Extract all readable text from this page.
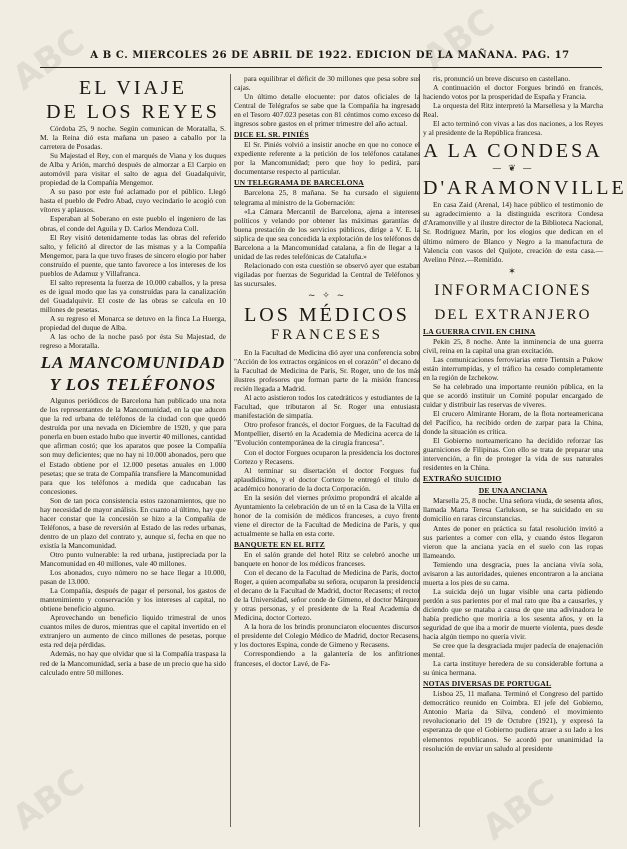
ABC	ABC
ABC	ABC
A B C. MIERCOLES 26 DE ABRIL DE 1922. EDICION DE LA MAÑANA. PAG. 17
EL VIAJE
DE LOS REYES

Córdoba 25, 9 noche. Según comunican de Moratalla, S. M. la Reina dió esta mañana un paseo a caballo por la carretera de Posadas.

Su Majestad el Rey, con el marqués de Viana y los duques de Alba y Arión, marchó después de almorzar a El Carpio en automóvil para visitar el salto de agua del Guadalquivir, propiedad de la Compañía Mengemor.

A su paso por este fué aclamado por el público. Llegó hasta el pueblo de Pedro Abad, cuyo vecindario le acogió con vítores y aplausos.

Esperaban al Soberano en este pueblo el ingeniero de las obras, el conde del Aguila y D. Carlos Mendoza Coll.

El Rey visitó detenidamente todas las obras del referido salto, y felicitó al director de las mismas y a la Compañía Mengemor, para la que tuvo frases de sincero elogio por haber construído el puente, que tanto favorece a los intereses de los pueblos de Adamuz y Villafranca.

El salto representa la fuerza de 10.000 caballos, y la presa es de igual modo que las ya construídas para la canalización del Guadalquivir. El coste de las obras se calcula en 10 millones de pesetas.

A su regreso el Monarca se detuvo en la finca La Huerga, propiedad del duque de Alba.

A las ocho de la noche pasó por ésta Su Majestad, de regreso a Moratalla.

LA MANCOMUNIDAD
Y LOS TELÉFONOS

Algunos periódicos de Barcelona han publicado una nota de los representantes de la Mancomunidad, en la que aducen que la red urbana de teléfonos de la ciudad con que quedó destruída por una nevada en Diciembre de 1920, y que para ponerla en buen estado hubo que invertir 40 millones, cantidad que afirman costó; que los aparatos que posee la Compañía son muy deficientes; que no hay ni 10.000 abonados, pero que el Estado obtiene por el 12.000 pesetas anuales en 1.000 pesetas; que se trata de Compañía transfiere la Mancomunidad para que los teléfonos a medida que caducaban las concesiones.

Son de tan poca consistencia estos razonamientos, que no hay necesidad de mayor análisis. En cuanto al último, hay que hacer constar que la concesión se hizo a la Compañía de Teléfonos, a base de reversión al Estado de las redes urbanas, dentro de un plazo del contrato y, aunque sí, fecha en que no existía la Mancomunidad.

Otro punto vulnerable: la red urbana, justipreciada por la Mancomunidad en 40 millones, vale 40 millones.

Los abonados, cuyo número no se hace llegar a 10.000, pasan de 13.000.

La Compañía, después de pagar el personal, los gastos de mantenimiento y conservación y los intereses al capital, no obtiene beneficio alguno.

Aprovechando un beneficio liquido trimestral de unos cuantos miles de duros, mientras que el capital invertido en el extranjero un aumento de cinco millones de pesetas, porque esta red deja pérdidas.

Además, no hay que olvidar que si la Compañía traspasa la red de la Mancomunidad, sería a base de un precio que ha sido calculado entre 50 millones.

para equilibrar el déficit de 30 millones que pesa sobre sus cajas.

Un último detalle elocuente: por datos oficiales de la Central de Telégrafos se sabe que la Compañía ha ingresado en el Tesoro 407.023 pesetas con 81 céntimos como exceso de ingresos sobre gastos en el primer trimestre del año actual.

DICE EL SR. PINIÉS

El Sr. Piniés volvió a insistir anoche en que no conoce el expediente referente a la petición de los teléfonos catalanes por la Mancomunidad; pero que hoy lo pedirá, para documentarse respecto al particular.

UN TELEGRAMA DE BARCELONA

Barcelona 25, 8 mañana. Se ha cursado el siguiente telegrama al ministro de la Gobernación:

«La Cámara Mercantil de Barcelona, ajena a intereses políticos y velando por obtener las máximas garantías de buena prestación de los servicios públicos, dirige a V. E. la súplica de que sea concedida la explotación de los teléfonos de Barcelona a la Mancomunidad catalana, a fin de llegar a la unidad de las redes telefónicas de Cataluña.»

Relacionado con esta cuestión se observó ayer que estaban vigiladas por fuerzas de Seguridad la Central de Teléfonos y las sucursales.

~ ✧ ~
LOS MÉDICOS
FRANCESES

En la Facultad de Medicina dió ayer una conferencia sobre "Acción de los extractos orgánicos en el corazón" el decano de la Facultad de Medicina de París, Sr. Roger, uno de los más ilustres profesores que forman parte de la misión francesa recién llegada a Madrid.

Al acto asistieron todos los catedráticos y estudiantes de la Facultad, que tributaron al Sr. Roger una entusiasta manifestación de simpatía.

Otro profesor francés, el doctor Forgues, de la Facultad de Montpellier, disertó en la Academia de Medicina acerca de la "Evolución contemporánea de la cirugía francesa".

Con el doctor Forgues ocuparon la presidencia los doctores Cortezo y Recasens.

Al terminar su disertación el doctor Forgues fué aplaudidísimo, y el doctor Cortezo le entregó el título de académico honorario de la docta Corporación.

En la sesión del viernes próximo propondrá el alcalde al Ayuntamiento la celebración de un té en la Casa de la Villa en honor de la comisión de médicos franceses, a cuyo frente viene el director de la Facultad de Medicina de París, y que actualmente se halla en esta corte.

BANQUETE EN EL RITZ

En el salón grande del hotel Ritz se celebró anoche un banquete en honor de los médicos franceses.

Con el decano de la Facultad de Medicina de París, doctor Roger, a quien acompañaba su señora, ocuparon la presidencia el decano de la Facultad de Madrid, doctor Recasens; el rector de la Universidad, señor conde de Gimeno, el doctor Márquez y otras personas, y el presidente de la Real Academia de Medicina, doctor Cortezo.

A la hora de los brindis pronunciaron elocuentes discursos el presidente del Colegio Médico de Madrid, doctor Recasens, y los doctores Espina, conde de Gimeno y Recasens.

Correspondiendo a la galantería de los anfitriones franceses, el doctor Lavé, de Fa-

ris, pronunció un breve discurso en castellano.

A continuación el doctor Forgues brindó en francés, haciendo votos por la prosperidad de España y Francia.

La orquesta del Ritz interpretó la Marsellesa y la Marcha Real.

El acto terminó con vivas a las dos naciones, a los Reyes y al presidente de la República francesa.

A LA CONDESA
— ❦ —
D'ARAMONVILLE

En casa Zaid (Arenal, 14) hace público el testimonio de su agradecimiento a la distinguida escritora Condesa d'Aramonville y al ilustre director de la Biblioteca Nacional, Sr. Rodríguez Marín, por los elogios que dedican en el último número de Blanco y Negro a la manufactura de Valencia con vasos del Quijote, creación de esta casa.—Avelino Pérez.—Remitido.

✶
INFORMACIONES
DEL EXTRANJERO
LA GUERRA CIVIL EN CHINA

Pekín 25, 8 noche. Ante la inminencia de una guerra civil, reina en la capital una gran excitación.

Las comunicaciones ferroviarias entre Tientsin a Pukow están interrumpidas, y el tráfico ha cesado completamente en la región de Izchekow.

Se ha celebrado una importante reunión pública, en la que se acordó instituir un Comité popular encargado de cuidar y distribuir las reservas de víveres.

El crucero Almirante Horam, de la flota norteamericana del Pacífico, ha recibido orden de zarpar para la China, donde la situación es crítica.

El Gobierno norteamericano ha decidido reforzar las guarniciones de Filipinas. Con ello se trata de preparar una intervención, a fin de proteger la vida de sus naturales residentes en la China.

EXTRAÑO SUICIDIO
DE UNA ANCIANA

Marsella 25, 8 noche. Una señora viuda, de sesenta años, llamada Marta Teresa Carlukson, se ha suicidado en su domicilio en raras circunstancias.

Antes de poner en práctica su fatal resolución invitó a sus parientes a comer con ella, y cuando éstos llegaron vieron que la anciana yacía en el suelo con las ropas llameando.

Temiendo una desgracia, pues la anciana vivía sola, avisaron a las autoridades, quienes encontraron a la anciana muerta a los pies de su cama.

La suicida dejó un lugar visible una carta pidiendo perdón a sus parientes por el mal rato que iba a causarles, y diciendo que se mataba a causa de que una adivinadora le había predicho que moriría a los sesenta años, y en la seguridad de que iba a morir de muerte violenta, pues desde hacía algún tiempo no quería vivir.

Se cree que la desgraciada mujer padecía de enajenación mental.

La carta instituye heredera de su considerable fortuna a su única hermana.

NOTAS DIVERSAS DE PORTUGAL

Lisboa 25, 11 mañana. Terminó el Congreso del partido democrático reunido en Coimbra. El jefe del Gobierno, Antonio Maria da Silva, condenó el movimiento revolucionario del 19 de Octubre (1921), y expresó la esperanza de que el Gobierno pudiera atraer a su lado a los elementos republicanos. Se acordó por unanimidad la resolución de enviar un saludo al presidente
